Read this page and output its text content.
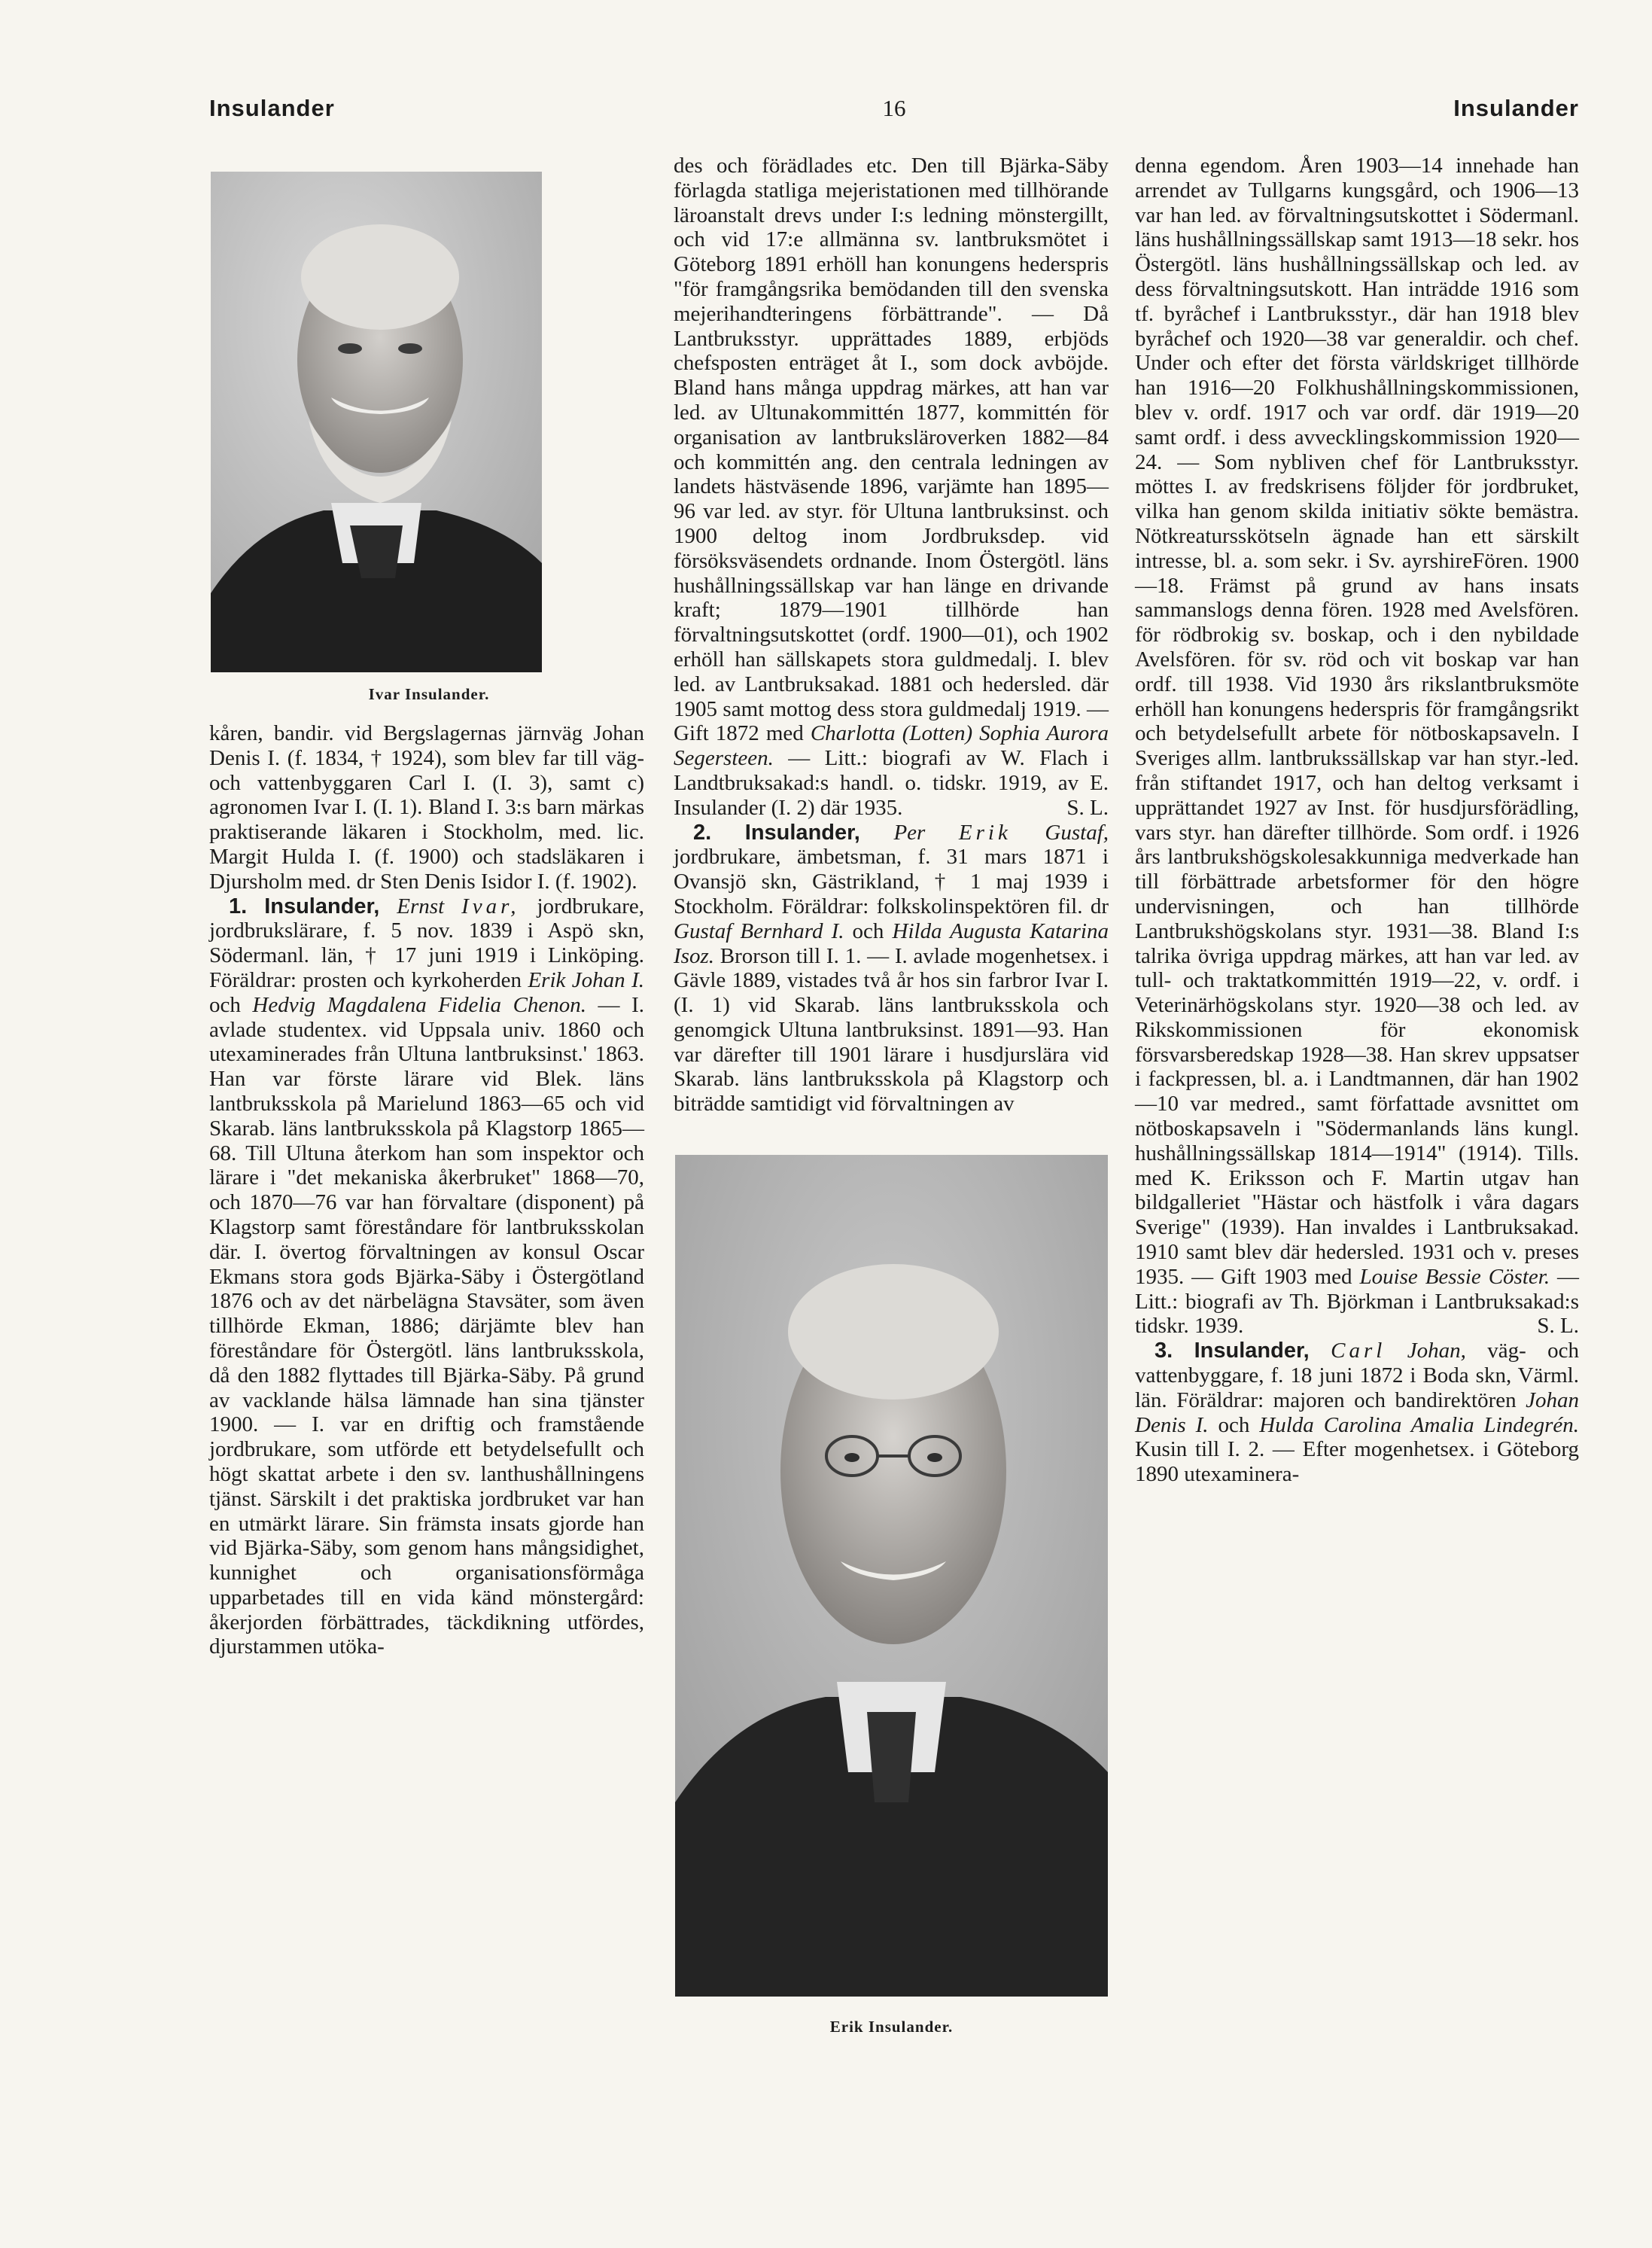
Insulander	16	Insulander
Ivar Insulander.
Erik Insulander.

kåren, bandir. vid Bergslagernas järnväg Johan Denis I. (f. 1834, † 1924), som blev far till väg- och vattenbyggaren Carl I. (I. 3), samt c) agronomen Ivar I. (I. 1). Bland I. 3:s barn märkas praktiserande läkaren i Stockholm, med. lic. Margit Hulda I. (f. 1900) och stadsläkaren i Djursholm med. dr Sten Denis Isidor I. (f. 1902).

1. Insulander, Ernst Ivar, jordbrukare, jordbrukslärare, f. 5 nov. 1839 i Aspö skn, Södermanl. län, † 17 juni 1919 i Linköping. Föräldrar: prosten och kyrkoherden Erik Johan I. och Hedvig Magdalena Fidelia Chenon. — I. avlade studentex. vid Uppsala univ. 1860 och utexaminerades från Ultuna lantbruksinst.' 1863. Han var förste lärare vid Blek. läns lantbruksskola på Marielund 1863—65 och vid Skarab. läns lantbruksskola på Klagstorp 1865—68. Till Ultuna återkom han som inspektor och lärare i "det mekaniska åkerbruket" 1868—70, och 1870—76 var han förvaltare (disponent) på Klagstorp samt föreståndare för lantbruksskolan där. I. övertog förvaltningen av konsul Oscar Ekmans stora gods Bjärka-Säby i Östergötland 1876 och av det närbelägna Stavsäter, som även tillhörde Ekman, 1886; därjämte blev han föreståndare för Östergötl. läns lantbruksskola, då den 1882 flyttades till Bjärka-Säby. På grund av vacklande hälsa lämnade han sina tjänster 1900. — I. var en driftig och framstående jordbrukare, som utförde ett betydelsefullt och högt skattat arbete i den sv. lanthushållningens tjänst. Särskilt i det praktiska jordbruket var han en utmärkt lärare. Sin främsta insats gjorde han vid Bjärka-Säby, som genom hans mångsidighet, kunnighet och organisationsförmåga upparbetades till en vida känd mönstergård: åkerjorden förbättrades, täckdikning utfördes, djurstammen utöka-

des och förädlades etc. Den till Bjärka-Säby förlagda statliga mejeristationen med tillhörande läroanstalt drevs under I:s ledning mönstergillt, och vid 17:e allmänna sv. lantbruksmötet i Göteborg 1891 erhöll han konungens hederspris "för framgångsrika bemödanden till den svenska mejerihandteringens förbättrande". — Då Lantbruksstyr. upprättades 1889, erbjöds chefsposten enträget åt I., som dock avböjde. Bland hans många uppdrag märkes, att han var led. av Ultunakommittén 1877, kommittén för organisation av lantbruksläroverken 1882—84 och kommittén ang. den centrala ledningen av landets hästväsende 1896, varjämte han 1895—96 var led. av styr. för Ultuna lantbruksinst. och 1900 deltog inom Jordbruksdep. vid försöksväsendets ordnande. Inom Östergötl. läns hushållningssällskap var han länge en drivande kraft; 1879—1901 tillhörde han förvaltningsutskottet (ordf. 1900—01), och 1902 erhöll han sällskapets stora guldmedalj. I. blev led. av Lantbruksakad. 1881 och hedersled. där 1905 samt mottog dess stora guldmedalj 1919. — Gift 1872 med Charlotta (Lotten) Sophia Aurora Segersteen. — Litt.: biografi av W. Flach i Landtbruksakad:s handl. o. tidskr. 1919, av E. Insulander (I. 2) där 1935.	S. L.

2. Insulander, Per Erik Gustaf, jordbrukare, ämbetsman, f. 31 mars 1871 i Ovansjö skn, Gästrikland, † 1 maj 1939 i Stockholm. Föräldrar: folkskolinspektören fil. dr Gustaf Bernhard I. och Hilda Augusta Katarina Isoz. Brorson till I. 1. — I. avlade mogenhetsex. i Gävle 1889, vistades två år hos sin farbror Ivar I. (I. 1) vid Skarab. läns lantbruksskola och genomgick Ultuna lantbruksinst. 1891—93. Han var därefter till 1901 lärare i husdjurslära vid Skarab. läns lantbruksskola på Klagstorp och biträdde samtidigt vid förvaltningen av

denna egendom. Åren 1903—14 innehade han arrendet av Tullgarns kungsgård, och 1906—13 var han led. av förvaltningsutskottet i Södermanl. läns hushållningssällskap samt 1913—18 sekr. hos Östergötl. läns hushållningssällskap och led. av dess förvaltningsutskott. Han inträdde 1916 som tf. byråchef i Lantbruksstyr., där han 1918 blev byråchef och 1920—38 var generaldir. och chef. Under och efter det första världskriget tillhörde han 1916—20 Folkhushållningskommissionen, blev v. ordf. 1917 och var ordf. där 1919—20 samt ordf. i dess avvecklingskommission 1920—24. — Som nybliven chef för Lantbruksstyr. möttes I. av fredskrisens följder för jordbruket, vilka han genom skilda initiativ sökte bemästra. Nötkreatursskötseln ägnade han ett särskilt intresse, bl. a. som sekr. i Sv. ayrshireFören. 1900—18. Främst på grund av hans insats sammanslogs denna fören. 1928 med Avelsfören. för rödbrokig sv. boskap, och i den nybildade Avelsfören. för sv. röd och vit boskap var han ordf. till 1938. Vid 1930 års rikslantbruksmöte erhöll han konungens hederspris för framgångsrikt och betydelsefullt arbete för nötboskapsaveln. I Sveriges allm. lantbrukssällskap var han styr.-led. från stiftandet 1917, och han deltog verksamt i upprättandet 1927 av Inst. för husdjursförädling, vars styr. han därefter tillhörde. Som ordf. i 1926 års lantbrukshögskolesakkunniga medverkade han till förbättrade arbetsformer för den högre undervisningen, och han tillhörde Lantbrukshögskolans styr. 1931—38. Bland I:s talrika övriga uppdrag märkes, att han var led. av tull- och traktatkommittén 1919—22, v. ordf. i Veterinärhögskolans styr. 1920—38 och led. av Rikskommissionen för ekonomisk försvarsberedskap 1928—38. Han skrev uppsatser i fackpressen, bl. a. i Landtmannen, där han 1902—10 var medred., samt författade avsnittet om nötboskapsaveln i "Södermanlands läns kungl. hushållningssällskap 1814—1914" (1914). Tills. med K. Eriksson och F. Martin utgav han bildgalleriet "Hästar och hästfolk i våra dagars Sverige" (1939). Han invaldes i Lantbruksakad. 1910 samt blev där hedersled. 1931 och v. preses 1935. — Gift 1903 med Louise Bessie Cöster. — Litt.: biografi av Th. Björkman i Lantbruksakad:s tidskr. 1939.	S. L.

3. Insulander, Carl Johan, väg- och vattenbyggare, f. 18 juni 1872 i Boda skn, Värml. län. Föräldrar: majoren och bandirektören Johan Denis I. och Hulda Carolina Amalia Lindegrén. Kusin till I. 2. — Efter mogenhetsex. i Göteborg 1890 utexaminera-
